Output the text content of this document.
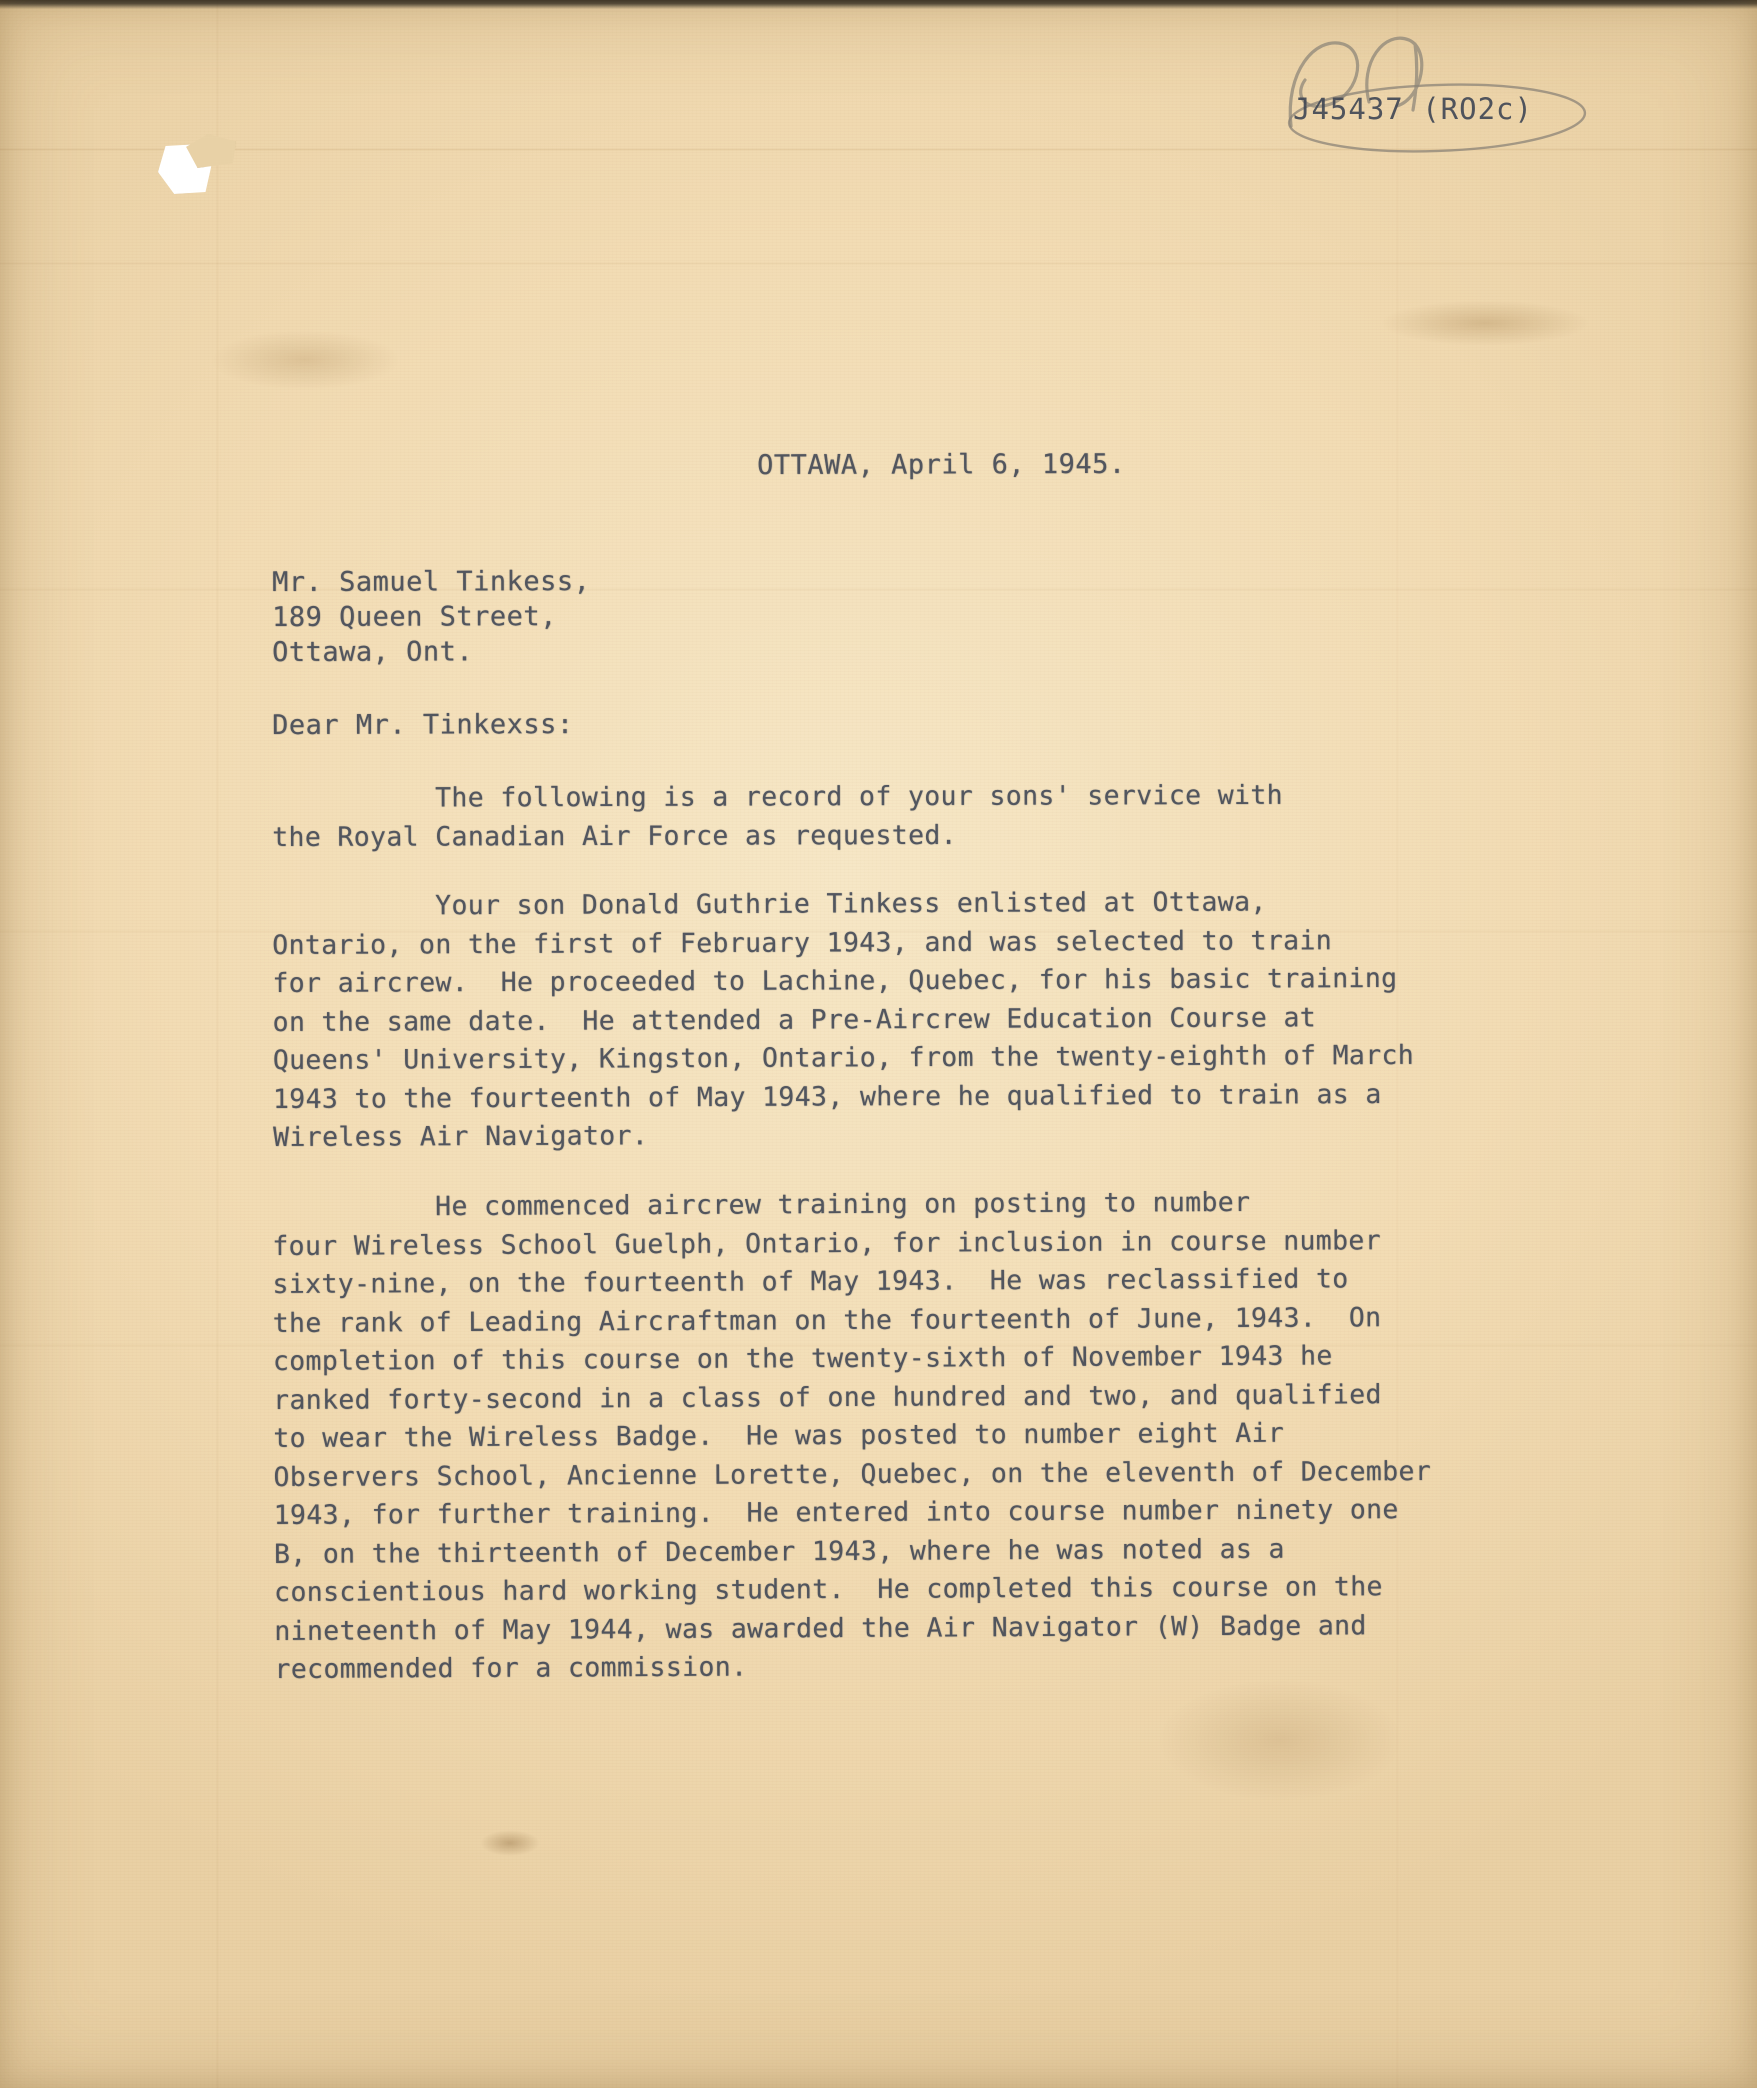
J45437 (RO2c)
OTTAWA, April 6, 1945.
Mr. Samuel Tinkess,
189 Queen Street,
Ottawa, Ont.
Dear Mr. Tinkexss:

The following is a record of your sons' service with
the Royal Canadian Air Force as requested.

Your son Donald Guthrie Tinkess enlisted at Ottawa,
Ontario, on the first of February 1943, and was selected to train
for aircrew.  He proceeded to Lachine, Quebec, for his basic training
on the same date.  He attended a Pre-Aircrew Education Course at
Queens' University, Kingston, Ontario, from the twenty-eighth of March
1943 to the fourteenth of May 1943, where he qualified to train as a
Wireless Air Navigator.

He commenced aircrew training on posting to number
four Wireless School Guelph, Ontario, for inclusion in course number
sixty-nine, on the fourteenth of May 1943.  He was reclassified to
the rank of Leading Aircraftman on the fourteenth of June, 1943.  On
completion of this course on the twenty-sixth of November 1943 he
ranked forty-second in a class of one hundred and two, and qualified
to wear the Wireless Badge.  He was posted to number eight Air
Observers School, Ancienne Lorette, Quebec, on the eleventh of December
1943, for further training.  He entered into course number ninety one
B, on the thirteenth of December 1943, where he was noted as a
conscientious hard working student.  He completed this course on the
nineteenth of May 1944, was awarded the Air Navigator (W) Badge and
recommended for a commission.
